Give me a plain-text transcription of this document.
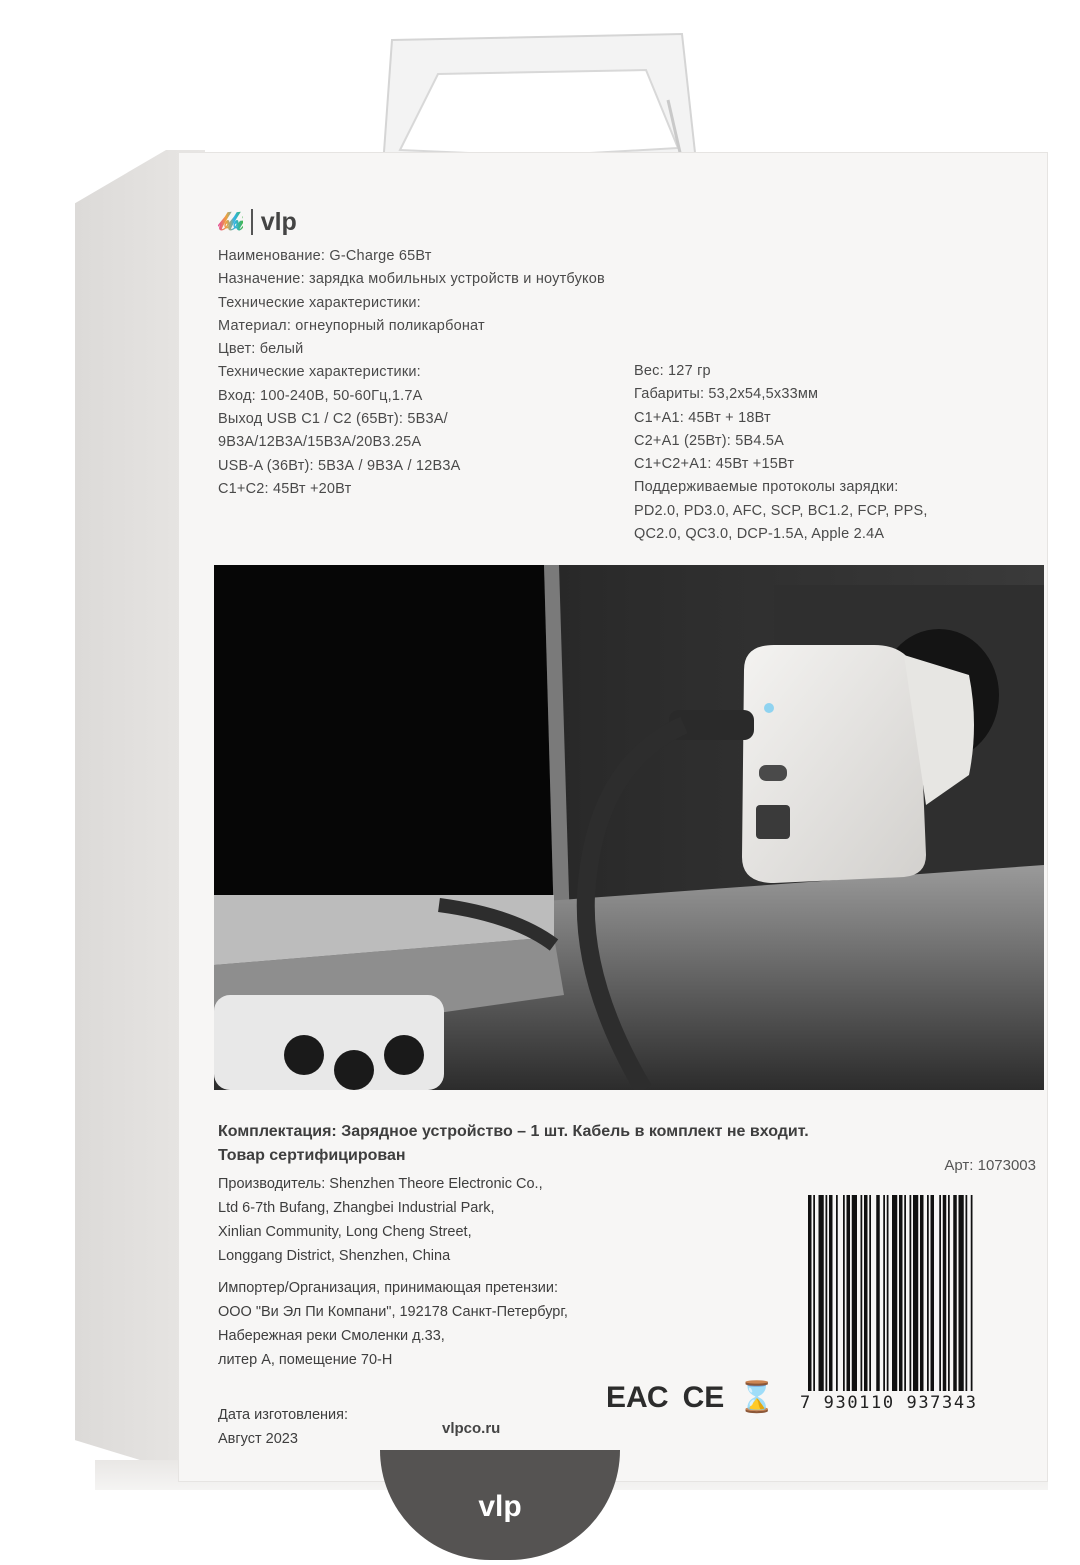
vlp
𝒷𝒷𝒾 vlp
Наименование: G-Charge 65Вт
Назначение: зарядка мобильных устройств и ноутбуков
Технические характеристики:
Материал: огнеупорный поликарбонат
Цвет: белый
Технические характеристики:
Вход: 100-240В, 50-60Гц,1.7А
Выход USB C1 / C2 (65Вт): 5В3А/
9В3А/12В3А/15В3А/20В3.25А
USB-A (36Вт): 5В3А / 9В3А / 12В3А
C1+C2: 45Вт +20Вт
Вес: 127 гр
Габариты: 53,2х54,5х33мм
C1+A1: 45Вт + 18Вт
C2+A1 (25Вт): 5В4.5А
C1+C2+A1: 45Вт +15Вт
Поддерживаемые протоколы зарядки:
PD2.0, PD3.0, AFC, SCP, BC1.2, FCP, PPS,
QC2.0, QC3.0, DCP-1.5A, Apple 2.4A
Комплектация: Зарядное устройство – 1 шт. Кабель в комплект не входит.
Товар сертифицирован
Арт: 1073003
Производитель: Shenzhen Theore Electronic Co.,
Ltd 6-7th Bufang, Zhangbei Industrial Park,
Xinlian Community, Long Cheng Street,
Longgang District, Shenzhen, China
Импортер/Организация, принимающая претензии:
ООО "Ви Эл Пи Компани", 192178 Санкт-Петербург,
Набережная реки Смоленки д.33,
литер А, помещение 70-Н
Дата изготовления:
Август 2023
vlpco.ru
ЕАС CE ⌛ 7 930110 937343
